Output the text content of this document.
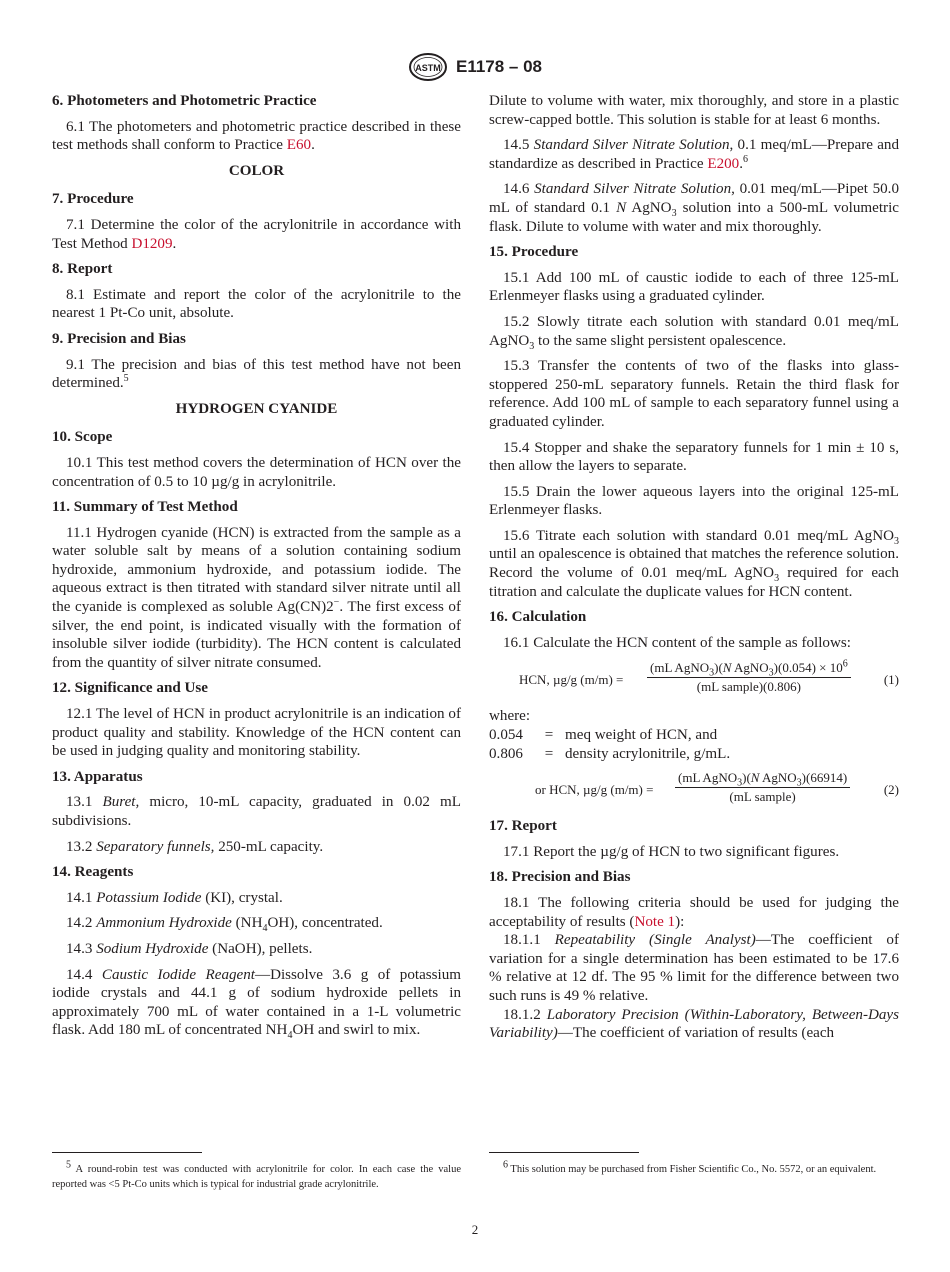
ASTM E1178 – 08
6. Photometers and Photometric Practice

6.1 The photometers and photometric practice described in these test methods shall conform to Practice E60.

COLOR
7. Procedure

7.1 Determine the color of the acrylonitrile in accordance with Test Method D1209.

8. Report

8.1 Estimate and report the color of the acrylonitrile to the nearest 1 Pt-Co unit, absolute.

9. Precision and Bias

9.1 The precision and bias of this test method have not been determined.$^5$

HYDROGEN CYANIDE
10. Scope

10.1 This test method covers the determination of HCN over the concentration of 0.5 to 10 µg/g in acrylonitrile.

11. Summary of Test Method

11.1 Hydrogen cyanide (HCN) is extracted from the sample as a water soluble salt by means of a solution containing sodium hydroxide, ammonium hydroxide, and potassium iodide. The aqueous extract is then titrated with standard silver nitrate until all the cyanide is complexed as soluble Ag(CN)2−. The first excess of silver, the end point, is indicated visually with the formation of insoluble silver iodide (turbidity). The HCN content is calculated from the quantity of silver nitrate consumed.

12. Significance and Use

12.1 The level of HCN in product acrylonitrile is an indication of product quality and stability. Knowledge of the HCN content can be used in judging quality and monitoring stability.

13. Apparatus

13.1 Buret, micro, 10-mL capacity, graduated in 0.02 mL subdivisions.

13.2 Separatory funnels, 250-mL capacity.

14. Reagents

14.1 Potassium Iodide (KI), crystal.

14.2 Ammonium Hydroxide $(NH_4OH)$, concentrated.

14.3 Sodium Hydroxide (NaOH), pellets.

14.4 Caustic Iodide Reagent—Dissolve 3.6 g of potassium iodide crystals and 44.1 g of sodium hydroxide pellets in approximately 700 mL of water contained in a 1-L volumetric flask. Add 180 mL of concentrated $NH_4OH$ and swirl to mix.

Dilute to volume with water, mix thoroughly, and store in a plastic screw-capped bottle. This solution is stable for at least 6 months.

14.5 Standard Silver Nitrate Solution, 0.1 meq/mL—Prepare and standardize as described in Practice E200.$^6$

14.6 Standard Silver Nitrate Solution, 0.01 meq/mL—Pipet 50.0 mL of standard 0.1 N AgNO$_3$ solution into a 500-mL volumetric flask. Dilute to volume with water and mix thoroughly.

15. Procedure

15.1 Add 100 mL of caustic iodide to each of three 125-mL Erlenmeyer flasks using a graduated cylinder.

15.2 Slowly titrate each solution with standard 0.01 meq/mL AgNO$_3$ to the same slight persistent opalescence.

15.3 Transfer the contents of two of the flasks into glass-stoppered 250-mL separatory funnels. Retain the third flask for reference. Add 100 mL of sample to each separatory funnel using a graduated cylinder.

15.4 Stopper and shake the separatory funnels for 1 min ± 10 s, then allow the layers to separate.

15.5 Drain the lower aqueous layers into the original 125-mL Erlenmeyer flasks.

15.6 Titrate each solution with standard 0.01 meq/mL AgNO$_3$ until an opalescence is obtained that matches the reference solution. Record the volume of 0.01 meq/mL AgNO$_3$ required for each titration and calculate the duplicate values for HCN content.

16. Calculation

16.1 Calculate the HCN content of the sample as follows:

HCN, µg/g (m/m) =
(mL AgNO$_3$)(N AgNO$_3$)(0.054) × $10^6$
(mL sample)(0.806)	(1)

where:

0.054	= meq weight of HCN, and
0.806	= density acrylonitrile, g/mL.
or HCN, µg/g (m/m) =
(mL AgNO$_3$)(N AgNO$_3$)(66914)
(mL sample)	(2)
17. Report

17.1 Report the µg/g of HCN to two significant figures.

18. Precision and Bias

18.1 The following criteria should be used for judging the acceptability of results (Note 1):

18.1.1 Repeatability (Single Analyst)—The coefficient of variation for a single determination has been estimated to be 17.6 % relative at 12 df. The 95 % limit for the difference between two such runs is 49 % relative.

18.1.2 Laboratory Precision (Within-Laboratory, Between-Days Variability)—The coefficient of variation of results (each

$^5$ A round-robin test was conducted with acrylonitrile for color. In each case the value reported was <5 Pt-Co units which is typical for industrial grade acrylonitrile.

$^6$ This solution may be purchased from Fisher Scientific Co., No. 5572, or an equivalent.

2
